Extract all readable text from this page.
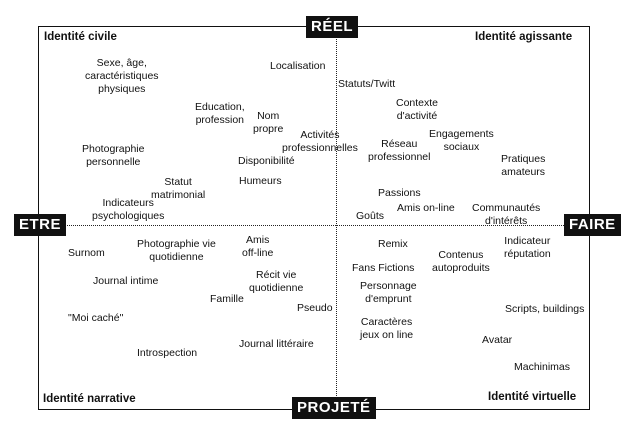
RÉEL
PROJETÉ
ETRE	FAIRE
Identité civile	Identité agissante
Identité narrative	Identité virtuelle
Sexe, âge,
caractéristiques
physiques
Localisation
Statuts/Twitt
Education,
profession	Nom
propre
Contexte
d'activité
Engagements
sociaux
Activités
professionnelles	Réseau
professionnel
Photographie
personnelle	Disponibilité	Pratiques
amateurs
Statut
matrimonial
Humeurs
Passions
Indicateurs
psychologiques
Amis on-line Communautés
d'intérêts
Goûts
Photographie vie
quotidienne
Amis
off-line
Remix	Indicateur
réputation
Surnom	Contenus
autoproduits
Fans Fictions
Journal intime	Récit vie
quotidienne	Personnage
d'emprunt
Famille
Pseudo	Scripts, buildings
"Moi caché"	Caractères
jeux on line	Avatar
Journal littéraire
Introspection
Machinimas
